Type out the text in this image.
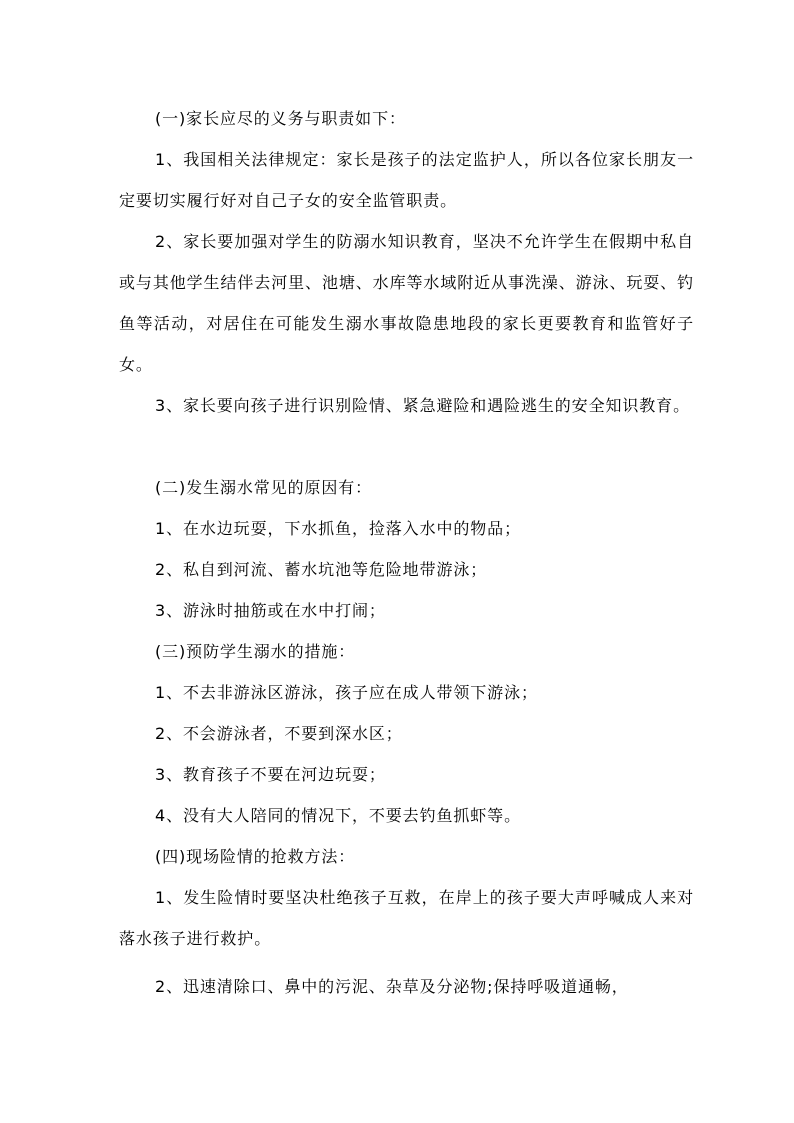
(一)家长应尽的义务与职责如下：

1、我国相关法律规定：家长是孩子的法定监护人，所以各位家长朋友一定要切实履行好对自己子女的安全监管职责。

2、家长要加强对学生的防溺水知识教育，坚决不允许学生在假期中私自或与其他学生结伴去河里、池塘、水库等水域附近从事洗澡、游泳、玩耍、钓鱼等活动，对居住在可能发生溺水事故隐患地段的家长更要教育和监管好子女。

3、家长要向孩子进行识别险情、紧急避险和遇险逃生的安全知识教育。

(二)发生溺水常见的原因有：

1、在水边玩耍，下水抓鱼，捡落入水中的物品；

2、私自到河流、蓄水坑池等危险地带游泳；

3、游泳时抽筋或在水中打闹；

(三)预防学生溺水的措施：

1、不去非游泳区游泳，孩子应在成人带领下游泳；

2、不会游泳者，不要到深水区；

3、教育孩子不要在河边玩耍；

4、没有大人陪同的情况下，不要去钓鱼抓虾等。

(四)现场险情的抢救方法：

1、发生险情时要坚决杜绝孩子互救，在岸上的孩子要大声呼喊成人来对落水孩子进行救护。

2、迅速清除口、鼻中的污泥、杂草及分泌物;保持呼吸道通畅，
